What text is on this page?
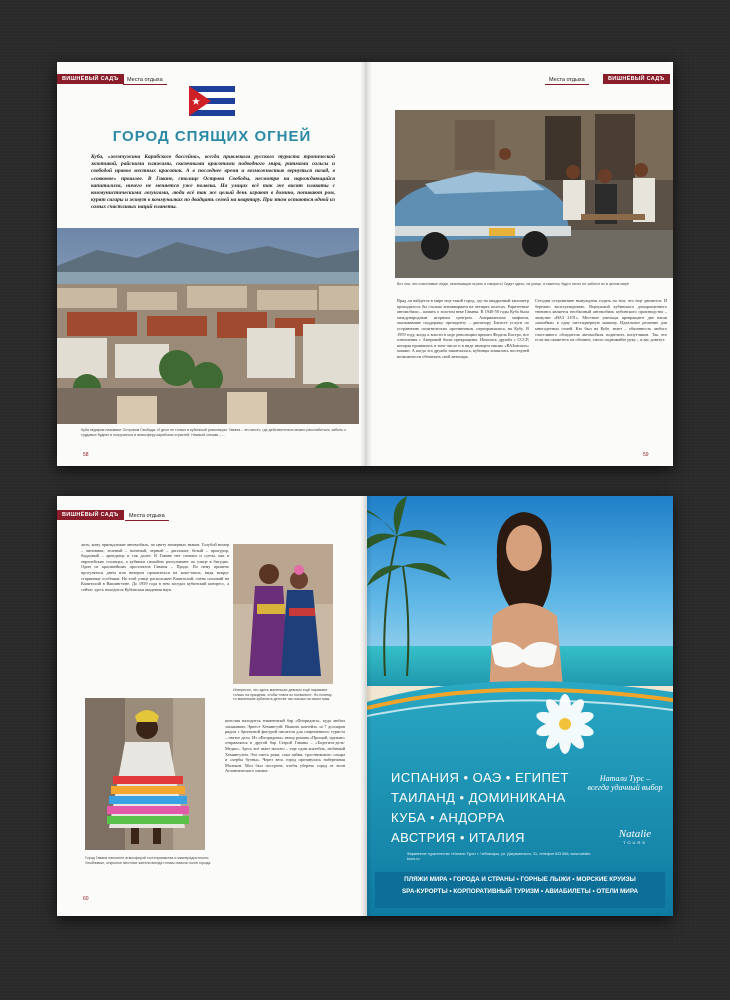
ВИШНЁВЫЙ САДЪ	Места отдыха
ГОРОД СПЯЩИХ ОГНЕЙ

Куба, «жемчужина Карибского бассейна», всегда привлекала русского туриста тропической экзотикой, райскими пляжами, сказочными красотами подводного мира, ритмами сальсы и свободой нравов местных красоток. А в последнее время и возможностью вернуться назад, в «совковое» прошлое. В Гаване, столице Острова Свободы, несмотря на нарождающийся капитализм, ничего не меняется уже полвека. На улицах всё так же висят плакаты с коммунистическими лозунгами, люди всё так же целый день играют в домино, попивают ром, курят сигары и живут в коммуналках по двадцать семей на квартиру. При этом остаются одной из самых счастливых наций планеты.

Куба недаром называют Островом Свободы. И дело не только в кубинской революции. Гавана – это место, где действительно можно расслабиться, забыть о трудовых буднях и погрузиться в атмосферу карибских страстей. Никакой спешки – ...

58
Места отдыха	ВИШНЁВЫЙ САДЪ

Вот они, эти счастливые люди, неспешащие играть и говорить! Сидят здесь, на улице, и кажется, будто ничто не заботит их в целом мире

Вряд ли найдется в мире еще такой город, где на квадратный километр приходилось бы столько антиквариата на четырех колесах. Раритетные автомобили – память о золотом веке Гаваны. В 1940-50 годы Куба была международным игорным центром. Американские мафиози, оказывавшие поддержку президенту – диктатору Батисте услуги по устранению политических противников, переправлялись на Кубу. В 1959 году, когда к власти в ходе революции пришел Фидель Кастро, все отношения с Америкой были прекращены. Началась дружба с СССР, которая проявилась в тоне числе и в виде импорта наших «ВАЗовских» машин. А когда эта дружба закончилась, кубинцы лишились последней возможности обновлять свой автопарк.

Сегодня островитяне вынуждены ездить на том, что еще движется. И бережно эксплуатировать. Верхушкой кубинского доморощенного тюнинга является необычный автомобиль кубинского производства – лимузин «ВАЗ 2101». Местные умельцы превращают две наши «копейки» в одну шестидверную машину. Идеальное решение для многодетных семей. Кто был на Кубе, знает – обязанность любого счастливого обладателя автомобиля подвозить попутчиков. Так что если вы окажетесь на обочине, смело поднимайте руку – и вас довезут.

59
ВИШНЁВЫЙ САДЪ	Места отдыха

лить, кому принадлежит автомобиль, по цвету номерных знаков. Голубой номер – чиновник, зеленый – военный, черный – дипломат, белый – прокурор, бордовый – арендатор и так далее. В Гаване нет спешки и суеты, как в европейских столицах, а кубинки спокойно разгуливают по улице в бигудях. Один из красивейших проспектов Гаваны – Прадо. По нему приятно прогуляться днем или вечером прокатиться на кокo-такси, видя вокруг старинные особняки. На этой улице расположен Капитолий, очень похожий на Капитолий в Вашингтоне. До 1959 года в нем заседал кубинский конгресс, а сейчас здесь находится Кубинская академия наук.

Интересно, что здесь маленьких девочек ещё наряжают только на праздник, чтобы «папа их похвалил». Но почему-то маленькие кубинки в детстве так похожи на своих мам.

Город Гавана наполнен атмосферой гостеприимства и жизнерадостности. Улыбчивые, открытые местные жители всегда готовы помочь гостю города.

питолия находится знаменитый бар «Флоридита», куда любил захаживать Эрнест Хемингуэй. Выпить коктейль за 7 долларов рядом с бронзовой фигурой писателя для современного туриста – святое дело. Из «Флоридиты» автор романа «Прощай, оружие» отправлялся в другой бар Старой Гаваны – «Бодегита-дель-Медио». Здесь всё пьют мохито – еще один коктейль, любимый Хемингуэем. Эта смесь рома, сока лайма, тростникового сахара и «хербы буэны». Через весь город протянулась набережная Малекон. Мол был построен, чтобы уберечь город от волн Атлантического океана.

60
ИСПАНИЯ • ОАЭ • ЕГИПЕТ
ТАИЛАНД • ДОМИНИКАНА
КУБА • АНДОРРА
АВСТРИЯ • ИТАЛИЯ
Натали Турс –
всегда удачный выбор
Natalie
TOURS

Фирменное турагентство «Натали Турс» г. Чебоксары, ул. Дзержинского, 31, телефон 623 666, www.natalie-tours.ru

ПЛЯЖИ МИРА • ГОРОДА И СТРАНЫ • ГОРНЫЕ ЛЫЖИ • МОРСКИЕ КРУИЗЫ
SPA-КУРОРТЫ • КОРПОРАТИВНЫЙ ТУРИЗМ • АВИАБИЛЕТЫ • ОТЕЛИ МИРА
